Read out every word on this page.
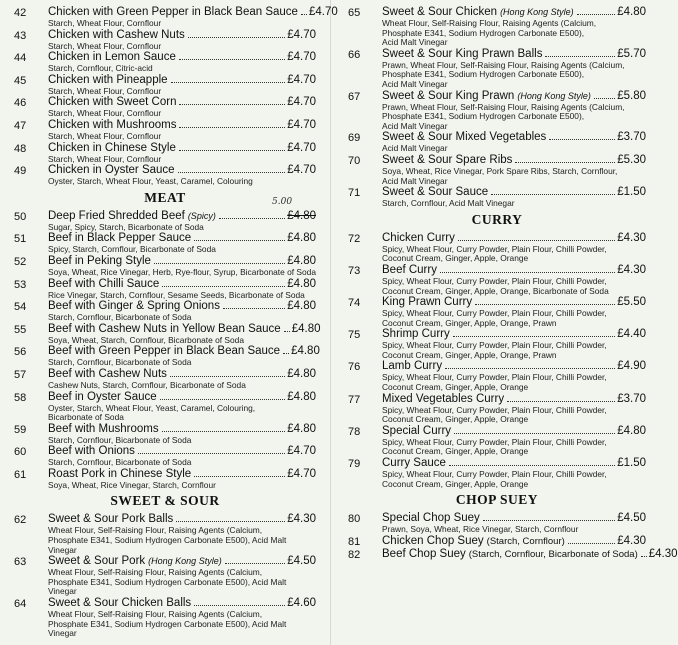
42	Chicken with Green Pepper in Black Bean Sauce £4.70
Starch, Wheat Flour, Cornflour
43	Chicken with Cashew Nuts	£4.70
Starch, Wheat Flour, Cornflour
44	Chicken in Lemon Sauce	£4.70
Starch, Cornflour, Citric-acid
45	Chicken with Pineapple	£4.70
Starch, Wheat Flour, Cornflour
46	Chicken with Sweet Corn	£4.70
Starch, Wheat Flour, Cornflour
47	Chicken with Mushrooms	£4.70
Starch, Wheat Flour, Cornflour
48	Chicken in Chinese Style	£4.70
Starch, Wheat Flour, Cornflour
49	Chicken in Oyster Sauce	£4.70
Oyster, Starch, Wheat Flour, Yeast, Caramel, Colouring
MEAT
50	Deep Fried Shredded Beef (Spicy)	£4.80
Sugar, Spicy, Starch, Bicarbonate of Soda
51	Beef in Black Pepper Sauce	£4.80
Spicy, Starch, Cornflour, Bicarbonate of Soda
52	Beef in Peking Style	£4.80
Soya, Wheat, Rice Vinegar, Herb, Rye-flour, Syrup, Bicarbonate of Soda
53	Beef with Chilli Sauce	£4.80
Rice Vinegar, Starch, Cornflour, Sesame Seeds, Bicarbonate of Soda
54	Beef with Ginger & Spring Onions	£4.80
Starch, Cornflour, Bicarbonate of Soda
55	Beef with Cashew Nuts in Yellow Bean Sauce £4.80
Soya, Wheat, Starch, Cornflour, Bicarbonate of Soda
56	Beef with Green Pepper in Black Bean Sauce £4.80
Starch, Cornflour, Bicarbonate of Soda
57	Beef with Cashew Nuts	£4.80
Cashew Nuts, Starch, Cornflour, Bicarbonate of Soda
58	Beef in Oyster Sauce	£4.80
Oyster, Starch, Wheat Flour, Yeast, Caramel, Colouring,
Bicarbonate of Soda
59	Beef with Mushrooms	£4.80
Starch, Cornflour, Bicarbonate of Soda
60	Beef with Onions	£4.70
Starch, Cornflour, Bicarbonate of Soda
61	Roast Pork in Chinese Style	£4.70
Soya, Wheat, Rice Vinegar, Starch, Cornflour
SWEET & SOUR
62	Sweet & Sour Pork Balls	£4.30
Wheat Flour, Self-Raising Flour, Raising Agents (Calcium,
Phosphate E341, Sodium Hydrogen Carbonate E500), Acid Malt Vinegar
63	Sweet & Sour Pork (Hong Kong Style)	£4.50
Wheat Flour, Self-Raising Flour, Raising Agents (Calcium,
Phosphate E341, Sodium Hydrogen Carbonate E500), Acid Malt Vinegar
64	Sweet & Sour Chicken Balls	£4.60
Wheat Flour, Self-Raising Flour, Raising Agents (Calcium,
Phosphate E341, Sodium Hydrogen Carbonate E500), Acid Malt Vinegar
65	Sweet & Sour Chicken (Hong Kong Style)	£4.80
Wheat Flour, Self-Raising Flour, Raising Agents (Calcium,
Phosphate E341, Sodium Hydrogen Carbonate E500),
Acid Malt Vinegar
66	Sweet & Sour King Prawn Balls	£5.70
Prawn, Wheat Flour, Self-Raising Flour, Raising Agents (Calcium,
Phosphate E341, Sodium Hydrogen Carbonate E500),
Acid Malt Vinegar
67	Sweet & Sour King Prawn (Hong Kong Style) £5.80
Prawn, Wheat Flour, Self-Raising Flour, Raising Agents (Calcium,
Phosphate E341, Sodium Hydrogen Carbonate E500),
Acid Malt Vinegar
69	Sweet & Sour Mixed Vegetables	£3.70
Acid Malt Vinegar
70	Sweet & Sour Spare Ribs	£5.30
Soya, Wheat, Rice Vinegar, Pork Spare Ribs, Starch, Cornflour,
Acid Malt Vinegar
71	Sweet & Sour Sauce	£1.50
Starch, Cornflour, Acid Malt Vinegar
CURRY
72	Chicken Curry	£4.30
Spicy, Wheat Flour, Curry Powder, Plain Flour, Chilli Powder,
Coconut Cream, Ginger, Apple, Orange
73	Beef Curry	£4.30
Spicy, Wheat Flour, Curry Powder, Plain Flour, Chilli Powder,
Coconut Cream, Ginger, Apple, Orange, Bicarbonate of Soda
74	King Prawn Curry	£5.50
Spicy, Wheat Flour, Curry Powder, Plain Flour, Chilli Powder,
Coconut Cream, Ginger, Apple, Orange, Prawn
75	Shrimp Curry	£4.40
Spicy, Wheat Flour, Curry Powder, Plain Flour, Chilli Powder,
Coconut Cream, Ginger, Apple, Orange, Prawn
76	Lamb Curry	£4.90
Spicy, Wheat Flour, Curry Powder, Plain Flour, Chilli Powder,
Coconut Cream, Ginger, Apple, Orange
77	Mixed Vegetables Curry	£3.70
Spicy, Wheat Flour, Curry Powder, Plain Flour, Chilli Powder,
Coconut Cream, Ginger, Apple, Orange
78	Special Curry	£4.80
Spicy, Wheat Flour, Curry Powder, Plain Flour, Chilli Powder,
Coconut Cream, Ginger, Apple, Orange
79	Curry Sauce	£1.50
Spicy, Wheat Flour, Curry Powder, Plain Flour, Chilli Powder,
Coconut Cream, Ginger, Apple, Orange
CHOP SUEY
80	Special Chop Suey	£4.50
Prawn, Soya, Wheat, Rice Vinegar, Starch, Cornflour
81	Chicken Chop Suey (Starch, Cornflour)	£4.30
82	Beef Chop Suey (Starch, Cornflour, Bicarbonate of Soda) £4.30
5.00
